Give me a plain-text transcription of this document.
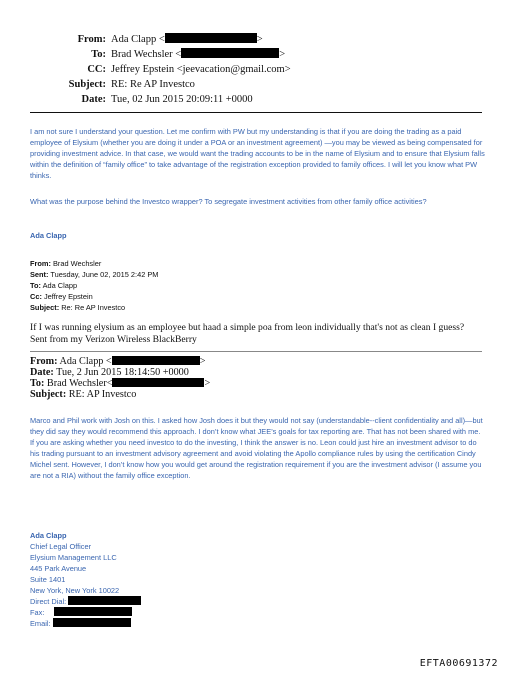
From: Ada Clapp <	>
To: Brad Wechsler <	>
CC: Jeffrey Epstein <jeevacation@gmail.com>
Subject: RE: Re AP Investco
Date: Tue, 02 Jun 2015 20:09:11 +0000

I am not sure I understand your question. Let me confirm with PW but my understanding is that if you are doing the trading as a paid employee of Elysium (whether you are doing it under a POA or an investment agreement) —you may be viewed as being compensated for providing investment advice. In that case, we would want the trading accounts to be in the name of Elysium and to ensure that Elysium falls within the definition of “family office” to take advantage of the registration exception provided to family offices. I will let you know what PW thinks.

What was the purpose behind the Investco wrapper? To segregate investment activities from other family office activities?

Ada Clapp
From: Brad Wechsler
Sent: Tuesday, June 02, 2015 2:42 PM
To: Ada Clapp
Cc: Jeffrey Epstein
Subject: Re: Re AP Investco
If I was running elysium as an employee but haad a simple poa from leon individually that's not as clean I guess?
Sent from my Verizon Wireless BlackBerry
From: Ada Clapp <	>
Date: Tue, 2 Jun 2015 18:14:50 +0000
To: Brad Wechsler<	>
Subject: RE: AP Investco

Marco and Phil work with Josh on this. I asked how Josh does it but they would not say (understandable--client confidentiality and all)—but they did say they would recommend this approach. I don’t know what JEE’s goals for tax reporting are. That has not been shared with me. If you are asking whether you need investco to do the investing, I think the answer is no. Leon could just hire an investment advisor to do his trading pursuant to an investment advisory agreement and avoid violating the Apollo compliance rules by using the certification Cindy Michel sent. However, I don’t know how you would get around the registration requirement if you are the investment advisor (I assume you are not a RIA) without the family office exception.

Ada Clapp
Chief Legal Officer
Elysium Management LLC
445 Park Avenue
Suite 1401
New York, New York 10022
Direct Dial:
Fax:
Email:
EFTA00691372
